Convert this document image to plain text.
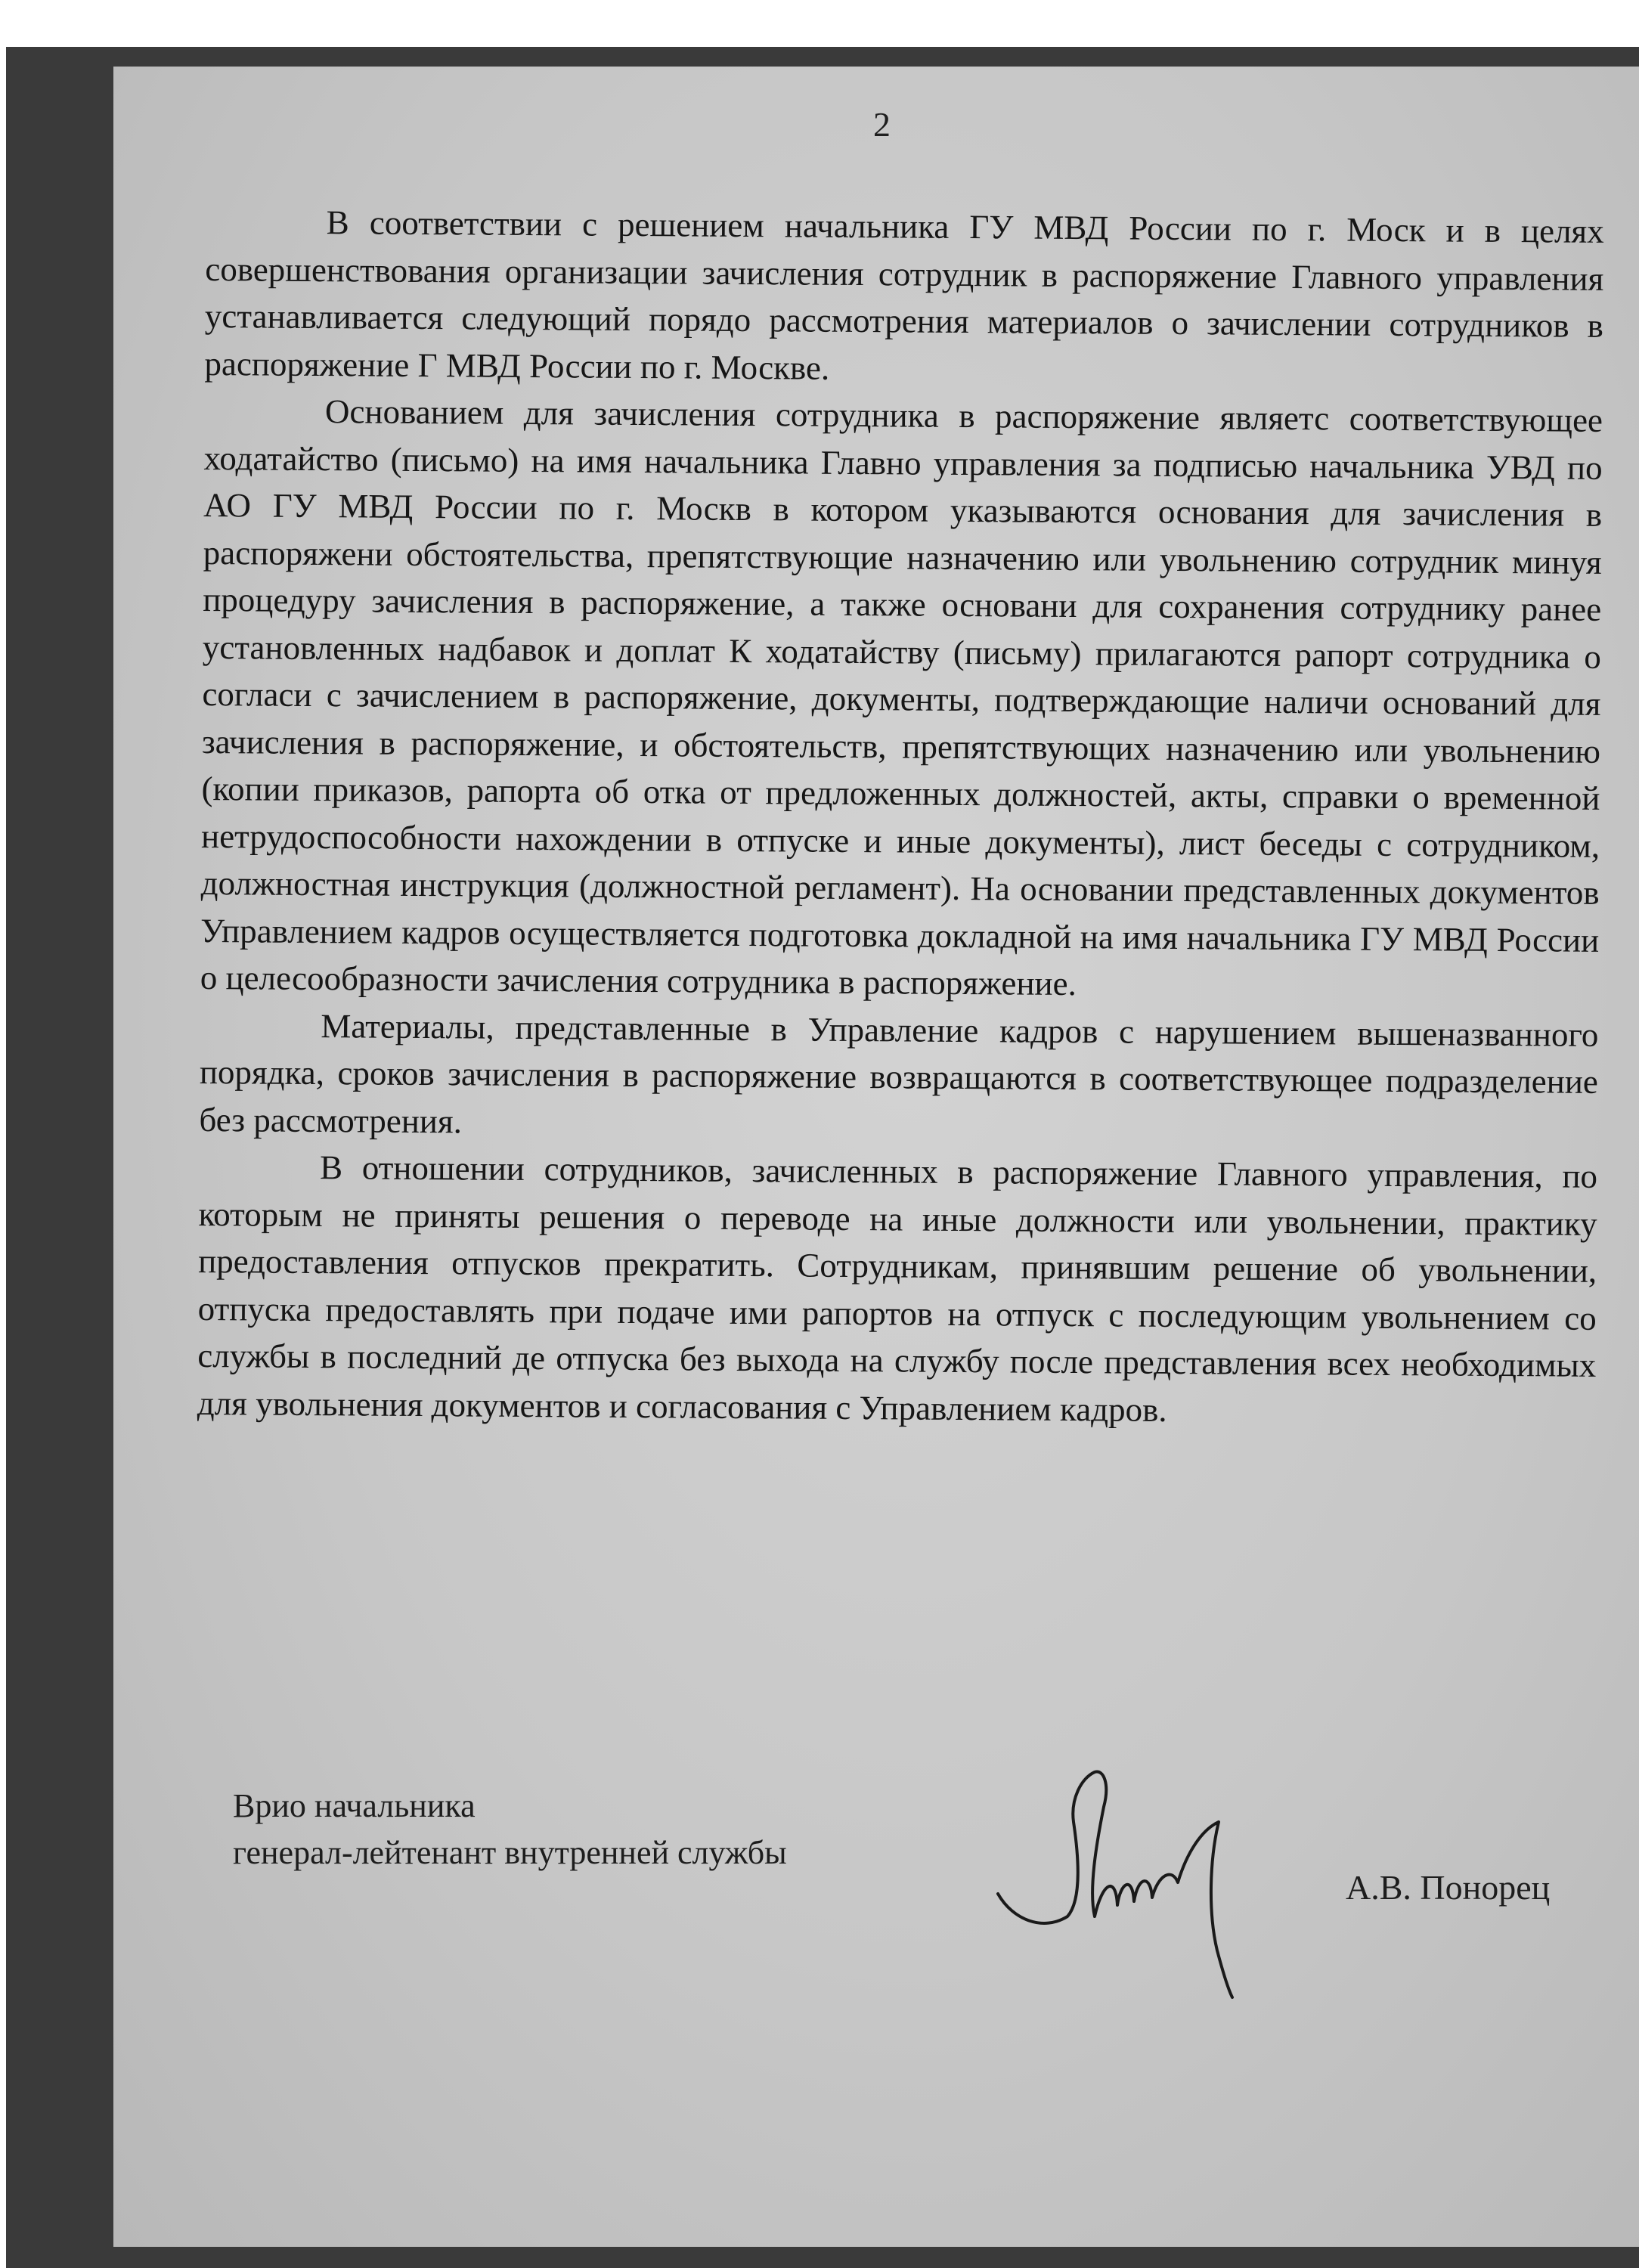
2

В соответствии с решением начальника ГУ МВД России по г. Моск и в целях совершенствования организации зачисления сотрудник в распоряжение Главного управления устанавливается следующий порядо рассмотрения материалов о зачислении сотрудников в распоряжение Г МВД России по г. Москве.

Основанием для зачисления сотрудника в распоряжение являетс соответствующее ходатайство (письмо) на имя начальника Главно управления за подписью начальника УВД по АО ГУ МВД России по г. Москв в котором указываются основания для зачисления в распоряжени обстоятельства, препятствующие назначению или увольнению сотрудник минуя процедуру зачисления в распоряжение, а также основани для сохранения сотруднику ранее установленных надбавок и доплат К ходатайству (письму) прилагаются рапорт сотрудника о согласи с зачислением в распоряжение, документы, подтверждающие наличи оснований для зачисления в распоряжение, и обстоятельств, препятствующих назначению или увольнению (копии приказов, рапорта об отка от предложенных должностей, акты, справки о временной нетрудоспособности нахождении в отпуске и иные документы), лист беседы с сотрудником, должностная инструкция (должностной регламент). На основании представленных документов Управлением кадров осуществляется подготовка докладной на имя начальника ГУ МВД России о целесообразности зачисления сотрудника в распоряжение.

Материалы, представленные в Управление кадров с нарушением вышеназванного порядка, сроков зачисления в распоряжение возвращаются в соответствующее подразделение без рассмотрения.

В отношении сотрудников, зачисленных в распоряжение Главного управления, по которым не приняты решения о переводе на иные должности или увольнении, практику предоставления отпусков прекратить. Сотрудникам, принявшим решение об увольнении, отпуска предоставлять при подаче ими рапортов на отпуск с последующим увольнением со службы в последний де отпуска без выхода на службу после представления всех необходимых для увольнения документов и согласования с Управлением кадров.

Врио начальника
генерал-лейтенант внутренней службы
А.В. Понорец
